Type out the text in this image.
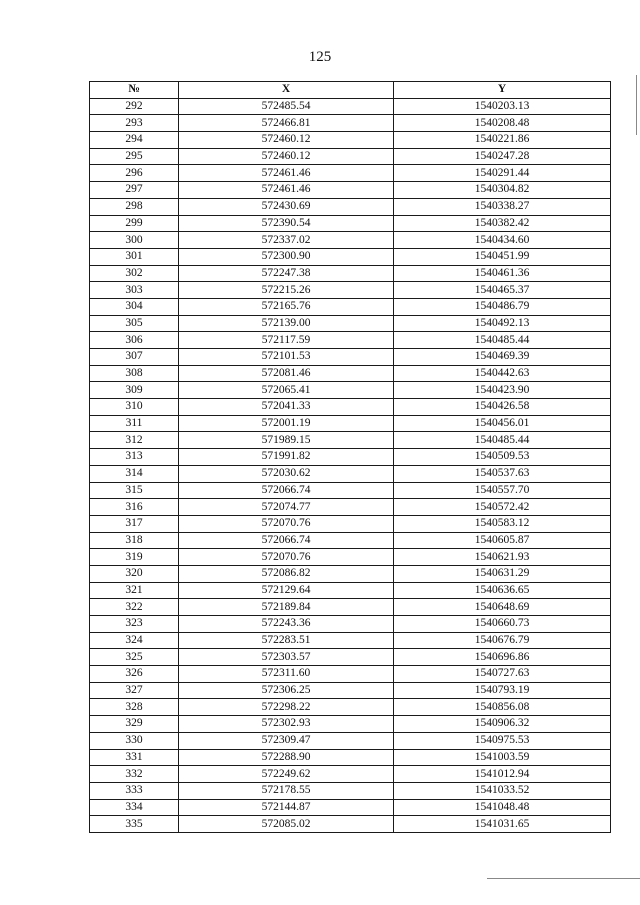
125
№	X	Y
292	572485.54	1540203.13
293	572466.81	1540208.48
294	572460.12	1540221.86
295	572460.12	1540247.28
296	572461.46	1540291.44
297	572461.46	1540304.82
298	572430.69	1540338.27
299	572390.54	1540382.42
300	572337.02	1540434.60
301	572300.90	1540451.99
302	572247.38	1540461.36
303	572215.26	1540465.37
304	572165.76	1540486.79
305	572139.00	1540492.13
306	572117.59	1540485.44
307	572101.53	1540469.39
308	572081.46	1540442.63
309	572065.41	1540423.90
310	572041.33	1540426.58
311	572001.19	1540456.01
312	571989.15	1540485.44
313	571991.82	1540509.53
314	572030.62	1540537.63
315	572066.74	1540557.70
316	572074.77	1540572.42
317	572070.76	1540583.12
318	572066.74	1540605.87
319	572070.76	1540621.93
320	572086.82	1540631.29
321	572129.64	1540636.65
322	572189.84	1540648.69
323	572243.36	1540660.73
324	572283.51	1540676.79
325	572303.57	1540696.86
326	572311.60	1540727.63
327	572306.25	1540793.19
328	572298.22	1540856.08
329	572302.93	1540906.32
330	572309.47	1540975.53
331	572288.90	1541003.59
332	572249.62	1541012.94
333	572178.55	1541033.52
334	572144.87	1541048.48
335	572085.02	1541031.65
